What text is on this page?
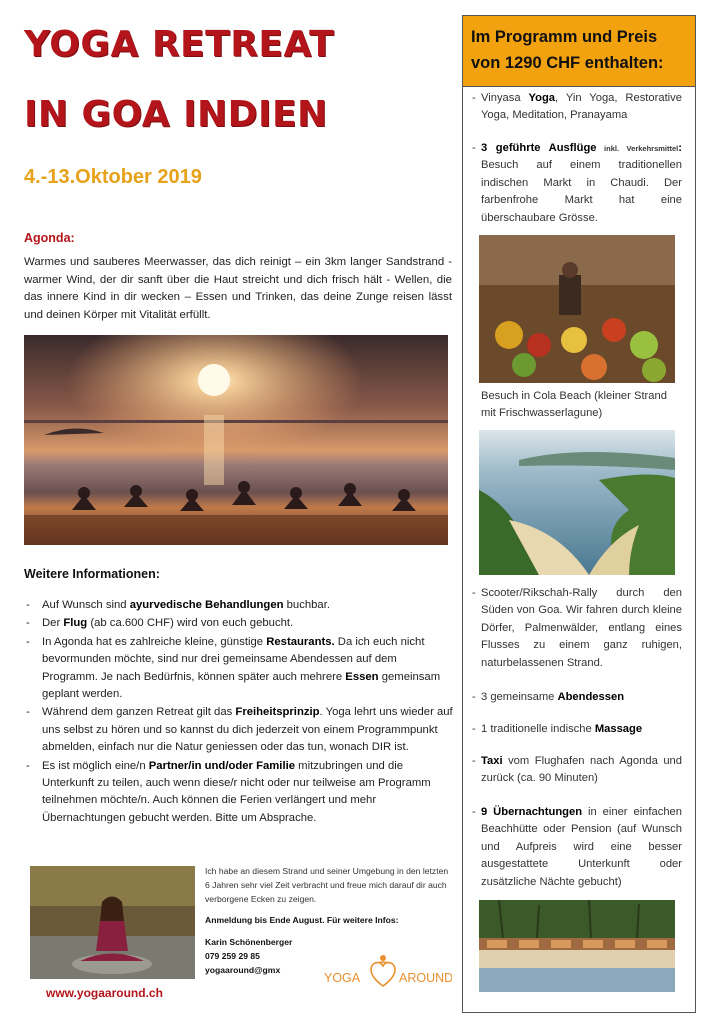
YOGA RETREAT
IN GOA INDIEN
4.-13.Oktober 2019
Agonda:

Warmes und sauberes Meerwasser, das dich reinigt – ein 3km langer Sandstrand - warmer Wind, der dir sanft über die Haut streicht und dich frisch hält - Wellen, die das innere Kind in dir wecken – Essen und Trinken, das deine Zunge reisen lässt und deinen Körper mit Vitalität erfüllt.

Weitere Informationen:
- Auf Wunsch sind ayurvedische Behandlungen buchbar.
- Der Flug (ab ca.600 CHF) wird von euch gebucht.
- In Agonda hat es zahlreiche kleine, günstige Restaurants. Da ich euch nicht bevormunden möchte, sind nur drei gemeinsame Abendessen auf dem Programm. Je nach Bedürfnis, können später auch mehrere Essen gemeinsam geplant werden.
- Während dem ganzen Retreat gilt das Freiheitsprinzip. Yoga lehrt uns wieder auf uns selbst zu hören und so kannst du dich jederzeit von einem Programmpunkt abmelden, einfach nur die Natur geniessen oder das tun, wonach DIR ist.
- Es ist möglich eine/n Partner/in und/oder Familie mitzubringen und die Unterkunft zu teilen, auch wenn diese/r nicht oder nur teilweise am Programm teilnehmen möchte/n. Auch können die Ferien verlängert und mehr Übernachtungen gebucht werden. Bitte um Absprache.
Ich habe an diesem Strand und seiner Umgebung in den letzten 6 Jahren sehr viel Zeit verbracht und freue mich darauf dir auch verborgene Ecken zu zeigen.
Anmeldung bis Ende August. Für weitere Infos:
Karin Schönenberger
079 259 29 85
yogaaround@gmx
www.yogaaround.ch
YOGA	AROUND
Im Programm und Preis von 1290 CHF enthalten:
- Vinyasa Yoga, Yin Yoga, Restorative Yoga, Meditation, Pranayama
- 3 geführte Ausflüge inkl. Verkehrsmittel: Besuch auf einem traditionellen indischen Markt in Chaudi. Der farbenfrohe Markt hat eine überschaubare Grösse.
Besuch in Cola Beach (kleiner Strand mit Frischwasserlagune)
- Scooter/Rikschah-Rally durch den Süden von Goa. Wir fahren durch kleine Dörfer, Palmenwälder, entlang eines Flusses zu einem ganz ruhigen, naturbelassenen Strand.
- 3 gemeinsame Abendessen
- 1 traditionelle indische Massage
- Taxi vom Flughafen nach Agonda und zurück (ca. 90 Minuten)
- 9 Übernachtungen in einer einfachen Beachhütte oder Pension (auf Wunsch und Aufpreis wird eine besser ausgestattete Unterkunft oder zusätzliche Nächte gebucht)
